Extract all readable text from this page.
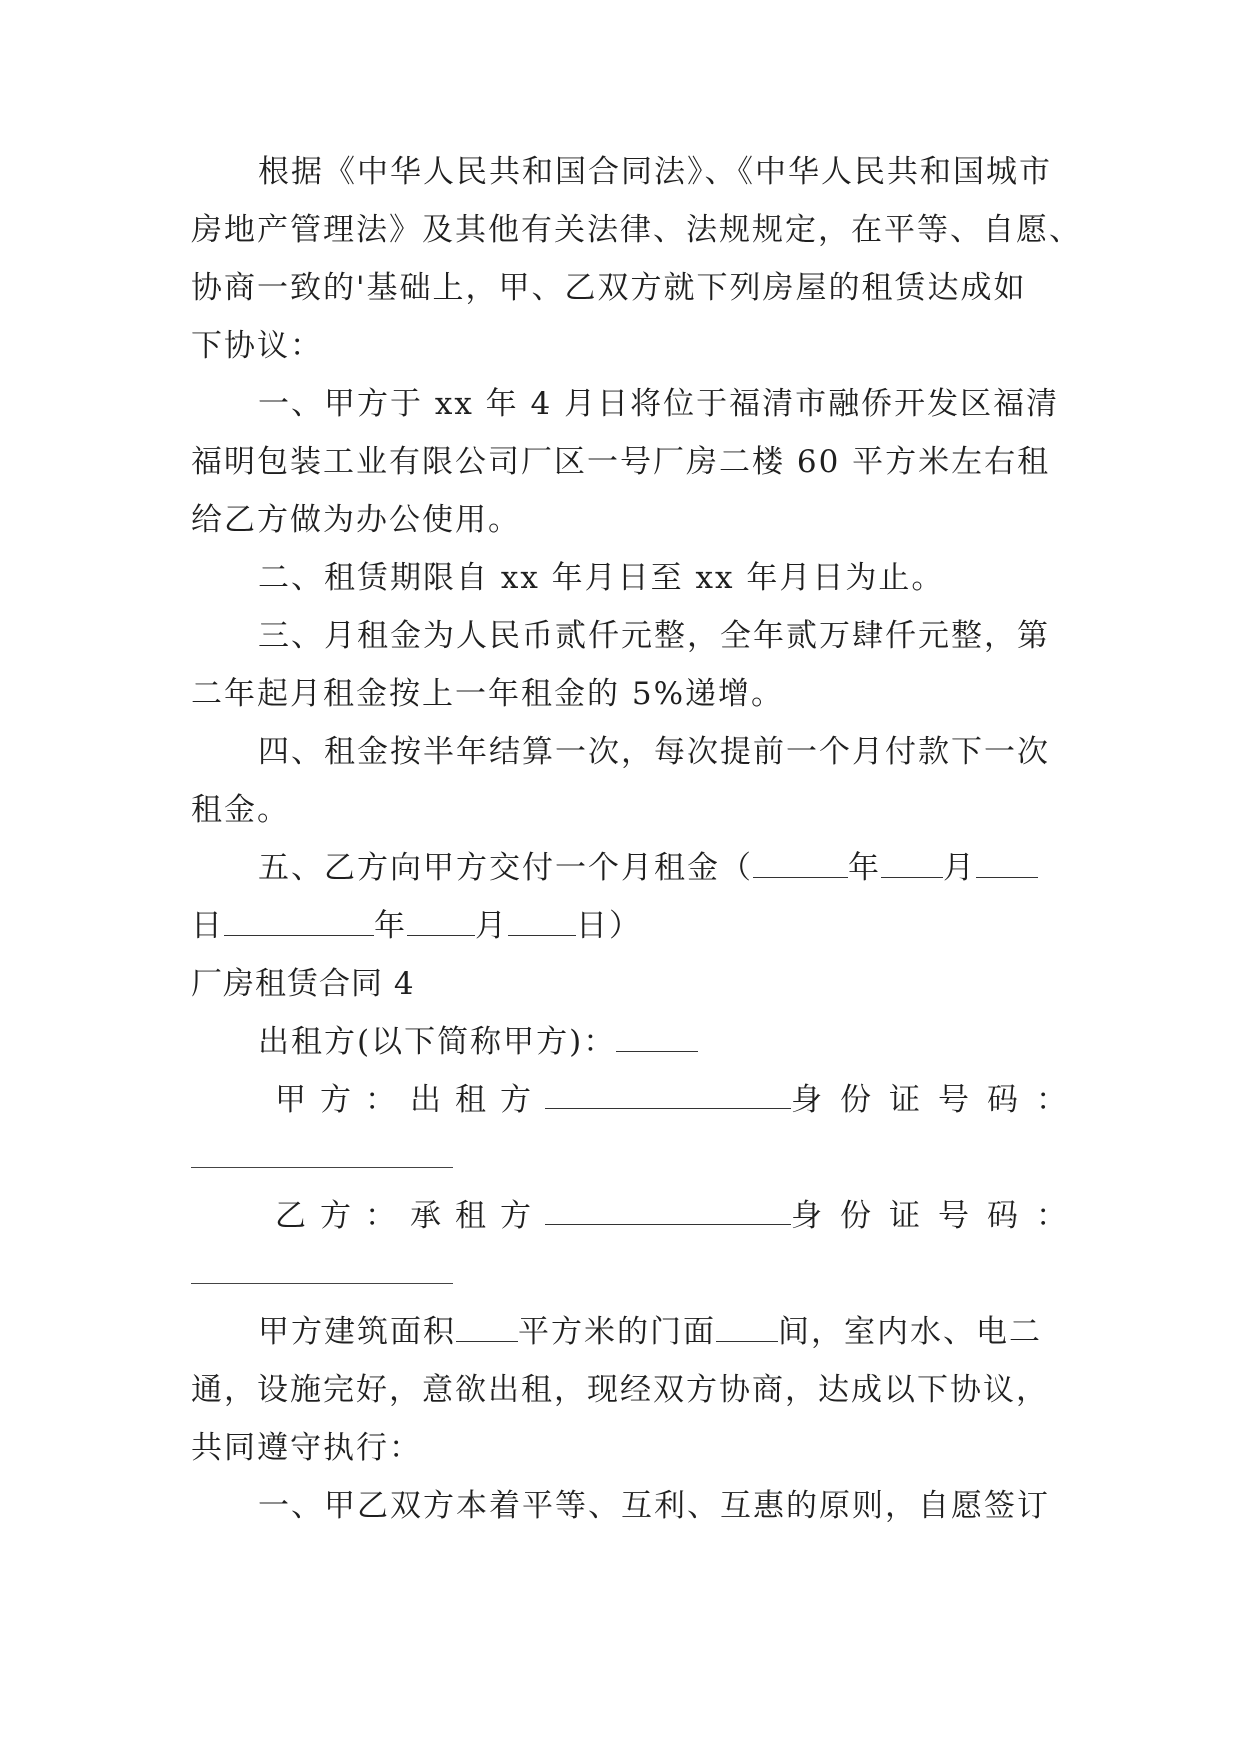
根据《中华人民共和国合同法》、《中华人民共和国城市
房地产管理法》及其他有关法律、法规规定，在平等、自愿、
协商一致的'基础上，甲、乙双方就下列房屋的租赁达成如
下协议：
一、甲方于 xx 年 4 月日将位于福清市融侨开发区福清
福明包装工业有限公司厂区一号厂房二楼 60 平方米左右租
给乙方做为办公使用。
二、租赁期限自 xx 年月日至 xx 年月日为止。
三、月租金为人民币贰仟元整，全年贰万肆仟元整，第
二年起月租金按上一年租金的 5%递增。
四、租金按半年结算一次，每次提前一个月付款下一次
租金。
五、乙方向甲方交付一个月租金（	年 月
日	年 月 日）
厂房租赁合同 4
出租方(以下简称甲方)：
甲方：出租方	身份证号码：
乙方：承租方	身份证号码：
甲方建筑面积 平方米的门面 间，室内水、电二
通，设施完好，意欲出租，现经双方协商，达成以下协议，
共同遵守执行：
一、甲乙双方本着平等、互利、互惠的原则，自愿签订
